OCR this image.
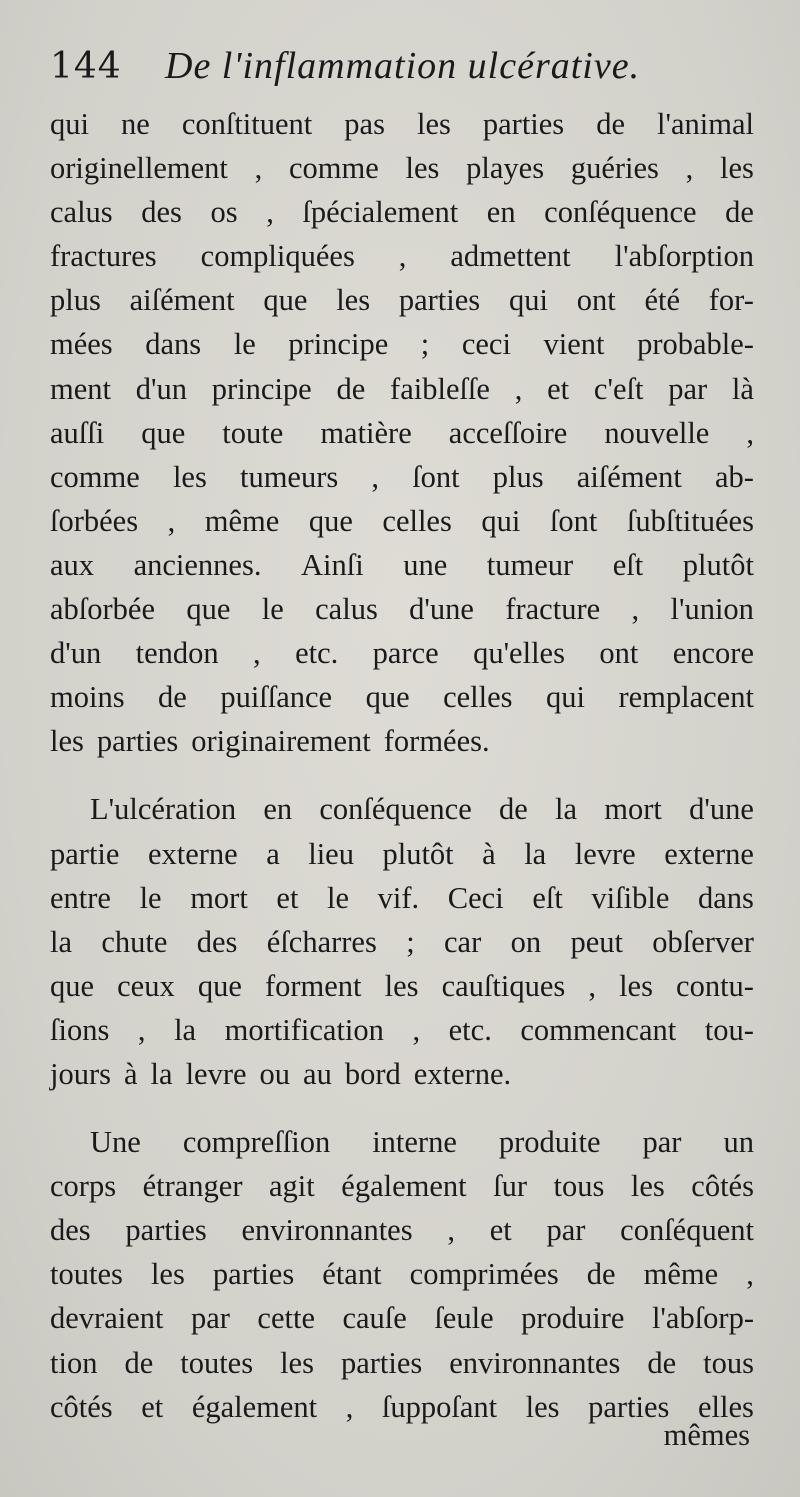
144	De l'inflammation ulcérative.
qui ne conſtituent pas les parties de l'animal
originellement , comme les playes guéries , les
calus des os , ſpécialement en conſéquence de
fractures compliquées , admettent l'abſorption
plus aiſément que les parties qui ont été for-
mées dans le principe ; ceci vient probable-
ment d'un principe de faibleſſe , et c'eſt par là
auſſi que toute matière acceſſoire nouvelle ,
comme les tumeurs , ſont plus aiſément ab-
ſorbées , même que celles qui ſont ſubſtituées
aux anciennes. Ainſi une tumeur eſt plutôt
abſorbée que le calus d'une fracture , l'union
d'un tendon , etc. parce qu'elles ont encore
moins de puiſſance que celles qui remplacent
les parties originairement formées.
L'ulcération en conſéquence de la mort d'une
partie externe a lieu plutôt à la levre externe
entre le mort et le vif. Ceci eſt viſible dans
la chute des éſcharres ; car on peut obſerver
que ceux que forment les cauſtiques , les contu-
ſions , la mortification , etc. commencant tou-
jours à la levre ou au bord externe.
Une compreſſion interne produite par un
corps étranger agit également ſur tous les côtés
des parties environnantes , et par conſéquent
toutes les parties étant comprimées de même ,
devraient par cette cauſe ſeule produire l'abſorp-
tion de toutes les parties environnantes de tous
côtés et également , ſuppoſant les parties elles
mêmes
